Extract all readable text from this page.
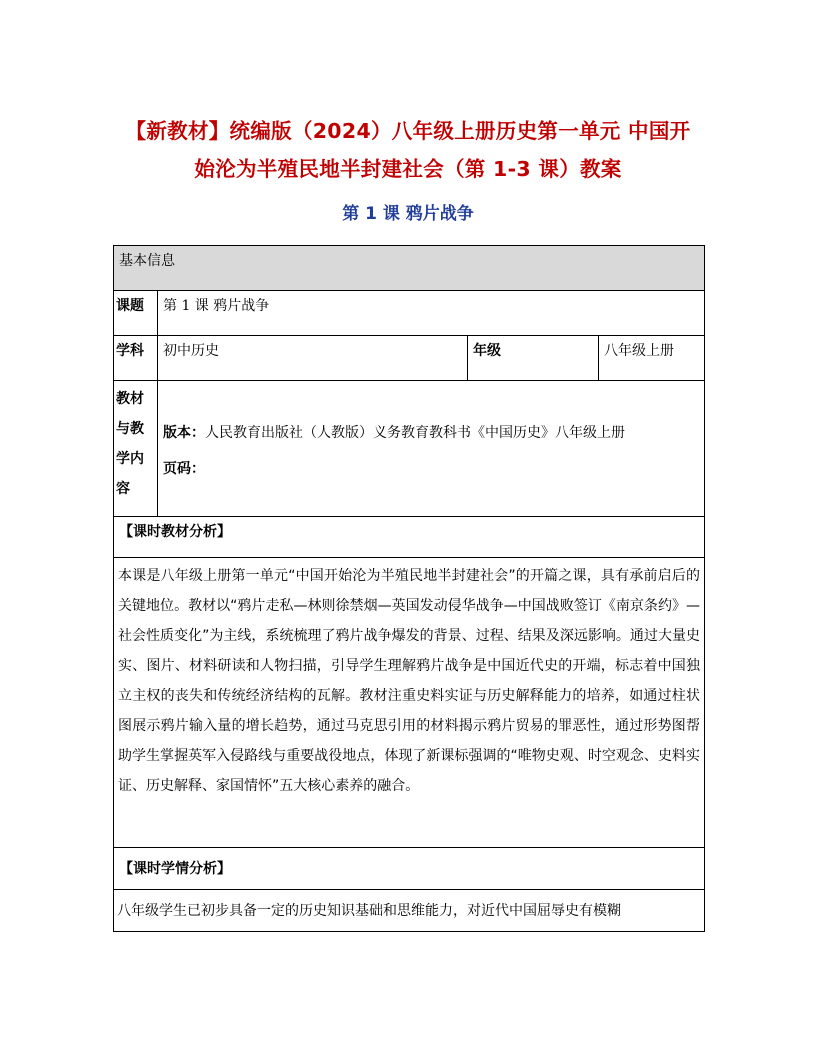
【新教材】统编版（2024）八年级上册历史第一单元 中国开
始沦为半殖民地半封建社会（第 1-3 课）教案
第 1 课 鸦片战争
基本信息			
课题	第 1 课 鸦片战争		
学科	初中历史	年级	八年级上册
教材与教学内容	版本：人民教育出版社（人教版）义务教育教科书《中国历史》八年级上册
页码：		

【课时教材分析】			
本课是八年级上册第一单元“中国开始沦为半殖民地半封建社会”的开篇之课，具有承前启后的关键地位。教材以“鸦片走私—林则徐禁烟—英国发动侵华战争—中国战败签订《南京条约》—社会性质变化”为主线，系统梳理了鸦片战争爆发的背景、过程、结果及深远影响。通过大量史实、图片、材料研读和人物扫描，引导学生理解鸦片战争是中国近代史的开端，标志着中国独立主权的丧失和传统经济结构的瓦解。教材注重史料实证与历史解释能力的培养，如通过柱状图展示鸦片输入量的增长趋势，通过马克思引用的材料揭示鸦片贸易的罪恶性，通过形势图帮助学生掌握英军入侵路线与重要战役地点，体现了新课标强调的“唯物史观、时空观念、史料实证、历史解释、家国情怀”五大核心素养的融合。			
【课时学情分析】			
八年级学生已初步具备一定的历史知识基础和思维能力，对近代中国屈辱史有模糊			
